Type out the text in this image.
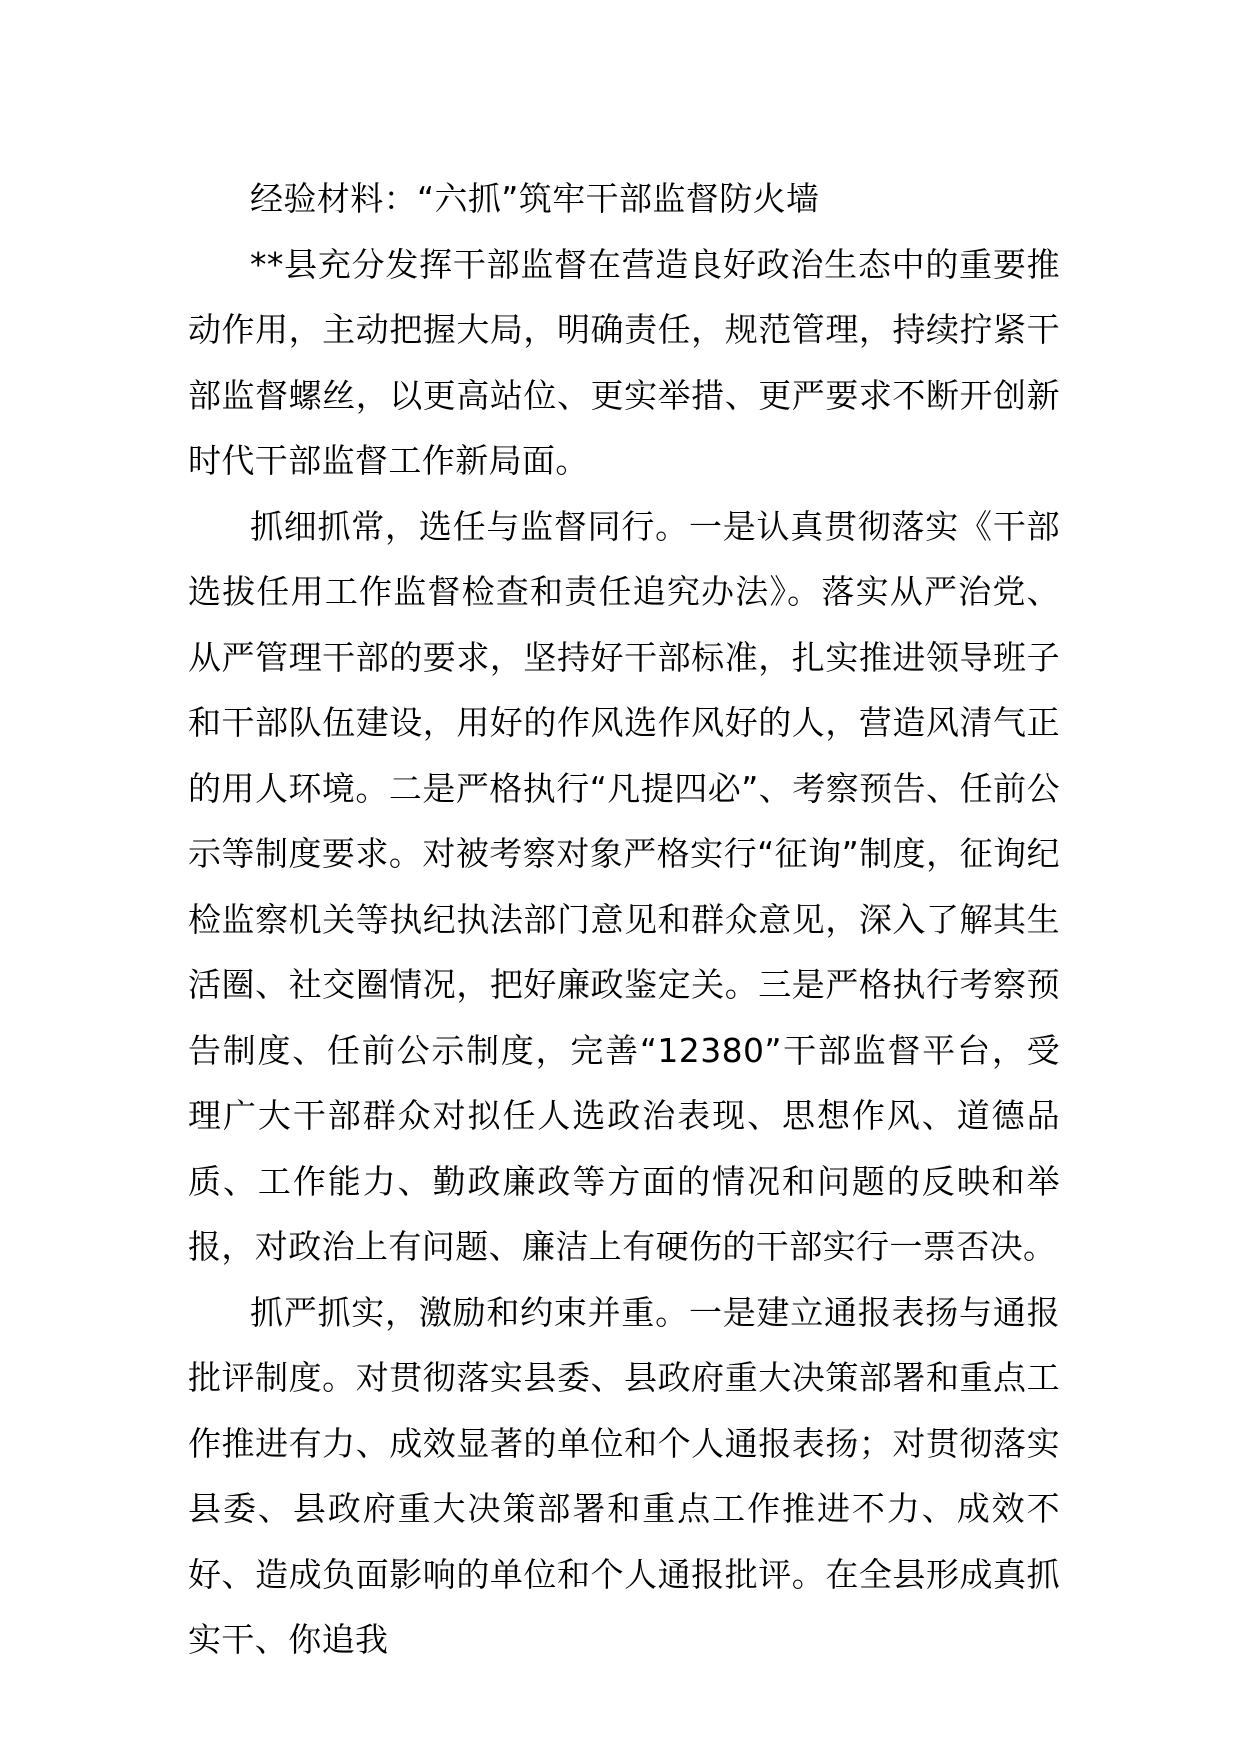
经验材料：“六抓”筑牢干部监督防火墙

**县充分发挥干部监督在营造良好政治生态中的重要推动作用，主动把握大局，明确责任，规范管理，持续拧紧干部监督螺丝，以更高站位、更实举措、更严要求不断开创新时代干部监督工作新局面。

抓细抓常，选任与监督同行。一是认真贯彻落实《干部选拔任用工作监督检查和责任追究办法》。落实从严治党、从严管理干部的要求，坚持好干部标准，扎实推进领导班子和干部队伍建设，用好的作风选作风好的人，营造风清气正的用人环境。二是严格执行“凡提四必”、考察预告、任前公示等制度要求。对被考察对象严格实行“征询”制度，征询纪检监察机关等执纪执法部门意见和群众意见，深入了解其生活圈、社交圈情况，把好廉政鉴定关。三是严格执行考察预告制度、任前公示制度，完善“12380”干部监督平台，受理广大干部群众对拟任人选政治表现、思想作风、道德品质、工作能力、勤政廉政等方面的情况和问题的反映和举报，对政治上有问题、廉洁上有硬伤的干部实行一票否决。

抓严抓实，激励和约束并重。一是建立通报表扬与通报批评制度。对贯彻落实县委、县政府重大决策部署和重点工作推进有力、成效显著的单位和个人通报表扬；对贯彻落实县委、县政府重大决策部署和重点工作推进不力、成效不好、造成负面影响的单位和个人通报批评。在全县形成真抓实干、你追我
